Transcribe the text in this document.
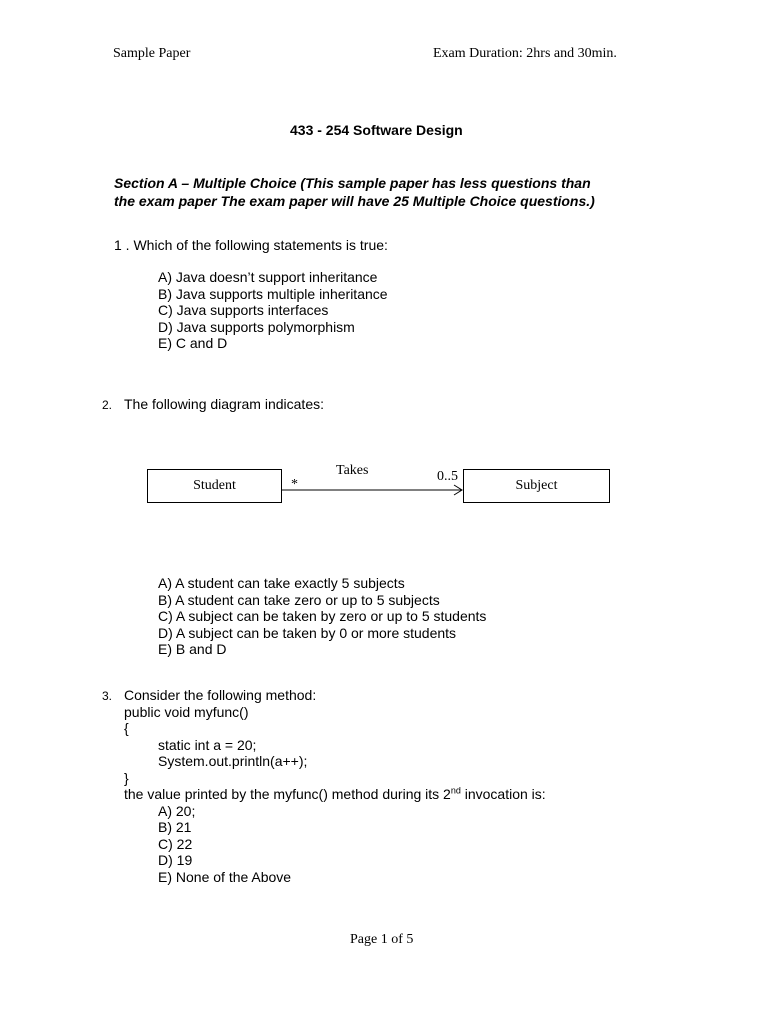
Sample Paper	Exam Duration: 2hrs and 30min.
433 - 254 Software Design
Section A – Multiple Choice (This sample paper has less questions than
the exam paper The exam paper will have 25 Multiple Choice questions.)
1 . Which of the following statements is true:
A) Java doesn’t support inheritance
B) Java supports multiple inheritance
C) Java supports interfaces
D) Java supports polymorphism
E) C and D
2. The following diagram indicates:
Student	Subject
Takes
*
0..5
A) A student can take exactly 5 subjects
B) A student can take zero or up to 5 subjects
C) A subject can be taken by zero or up to 5 students
D) A subject can be taken by 0 or more students
E) B and D
3. Consider the following method:
public void myfunc()
{
static int a = 20;
System.out.println(a++);
}
the value printed by the myfunc() method during its 2nd invocation is:
A) 20;
B) 21
C) 22
D) 19
E) None of the Above
Page 1 of 5
